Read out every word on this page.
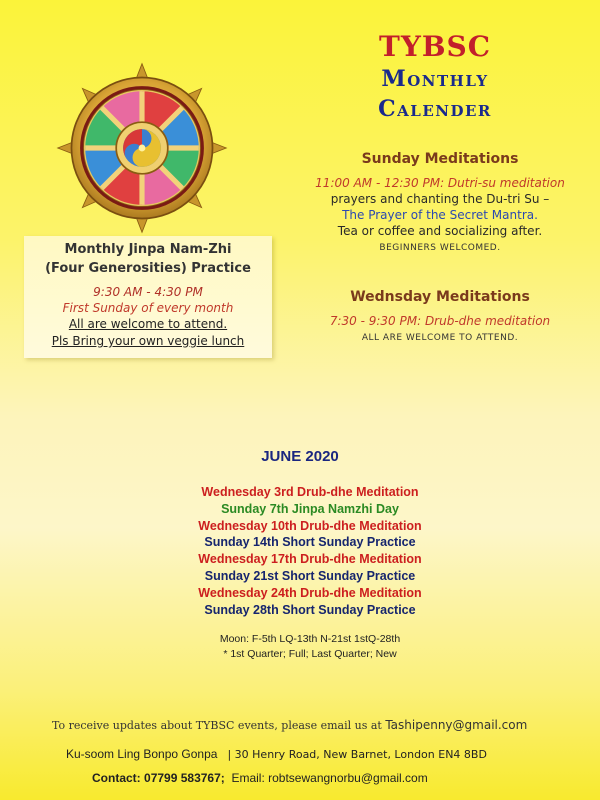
TYBSC
Monthly
Calender
Sunday Meditations
11:00 AM - 12:30 PM: Dutri-su meditation
prayers and chanting the Du-tri Su –
The Prayer of the Secret Mantra.
Tea or coffee and socializing after.
BEGINNERS WELCOMED.
Wednsday Meditations
7:30 - 9:30 PM: Drub-dhe meditation
ALL ARE WELCOME TO ATTEND.
Monthly Jinpa Nam-Zhi
(Four Generosities) Practice
9:30 AM - 4:30 PM
First Sunday of every month
All are welcome to attend.
Pls Bring your own veggie lunch
JUNE 2020
Wednesday 3rd Drub-dhe Meditation
Sunday 7th Jinpa Namzhi Day
Wednesday 10th Drub-dhe Meditation
Sunday 14th Short Sunday Practice
Wednesday 17th Drub-dhe Meditation
Sunday 21st Short Sunday Practice
Wednesday 24th Drub-dhe Meditation
Sunday 28th Short Sunday Practice
Moon: F-5th LQ-13th N-21st 1stQ-28th
* 1st Quarter; Full; Last Quarter; New
To receive updates about TYBSC events, please email us at Tashipenny@gmail.com
Ku-soom Ling Bonpo Gonpa | 30 Henry Road, New Barnet, London EN4 8BD
Contact: 07799 583767; Email: robtsewangnorbu@gmail.com
